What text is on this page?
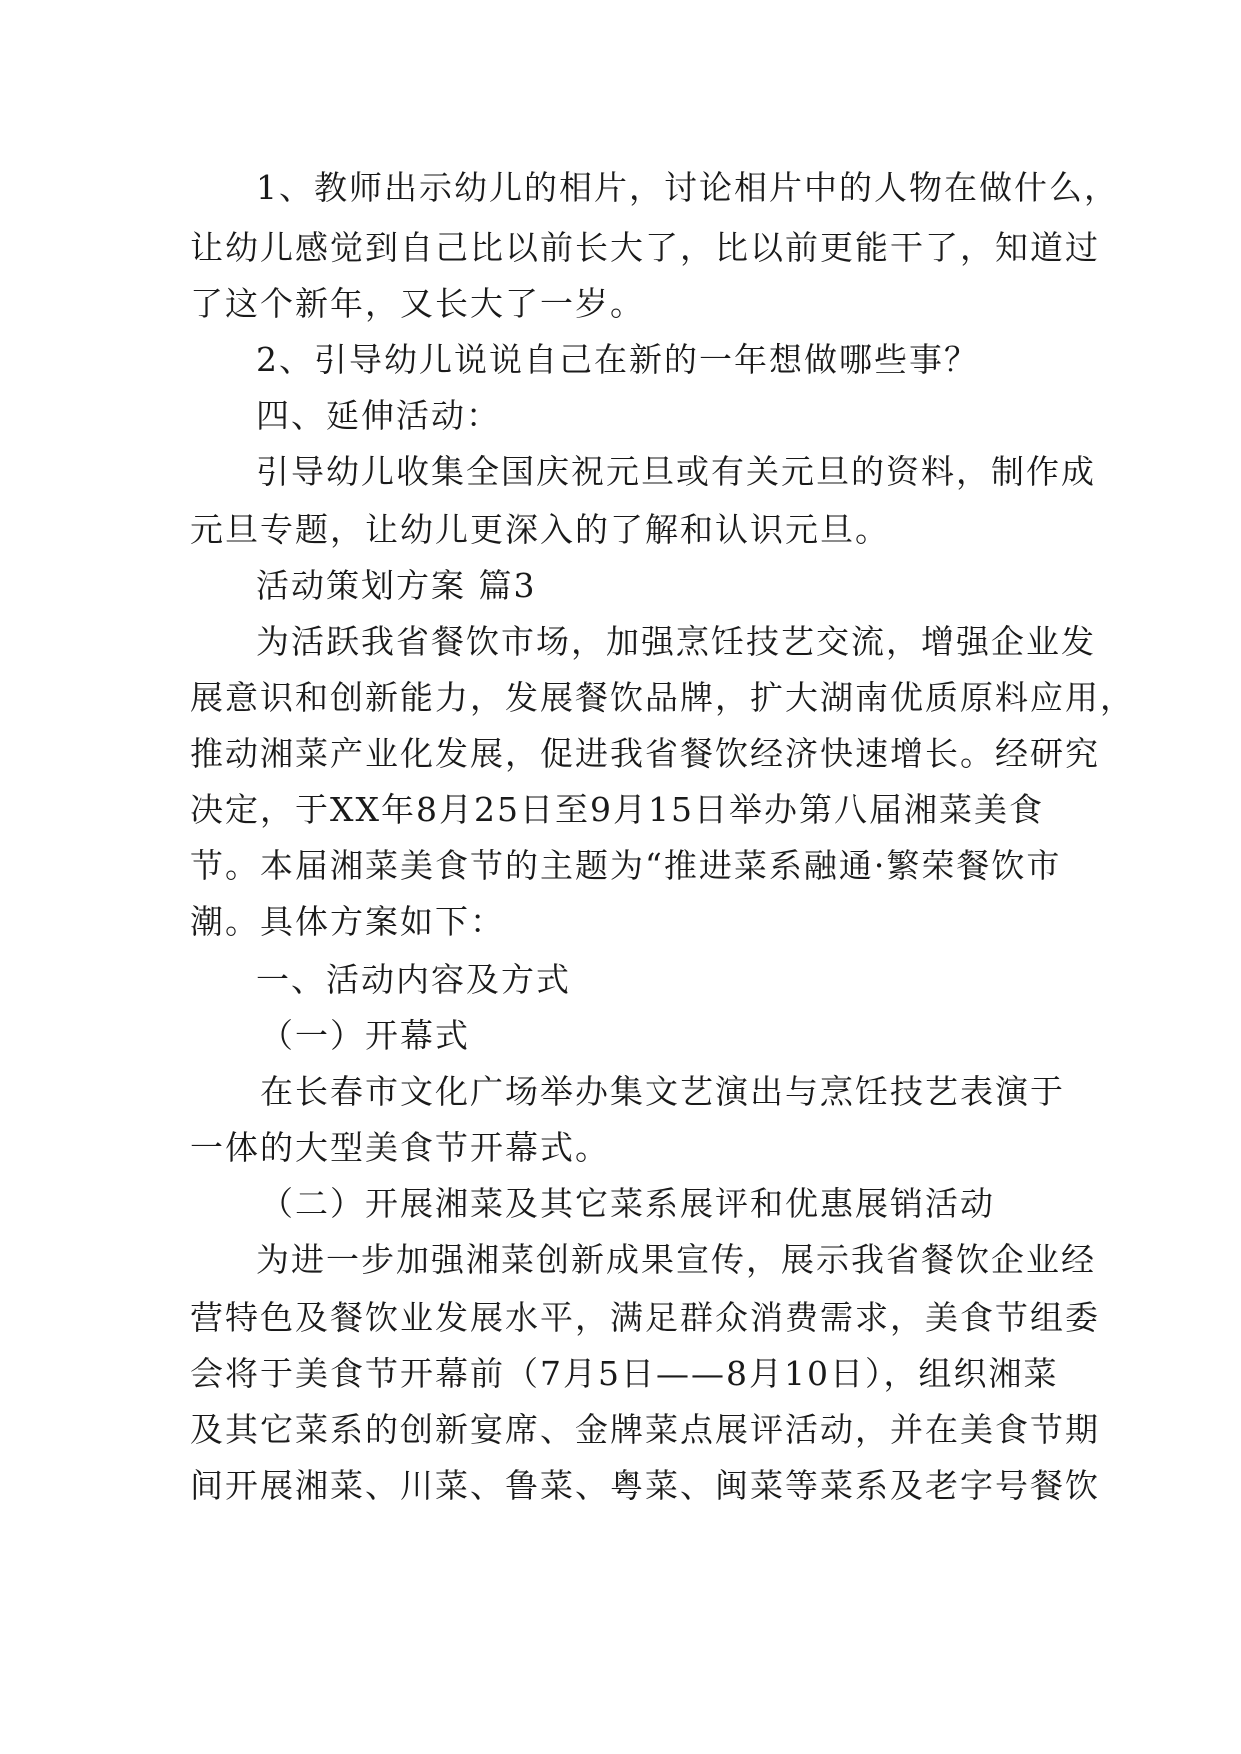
1、教师出示幼儿的相片，讨论相片中的人物在做什么，
让幼儿感觉到自己比以前长大了，比以前更能干了，知道过
了这个新年，又长大了一岁。
2、引导幼儿说说自己在新的一年想做哪些事？
四、延伸活动：
引导幼儿收集全国庆祝元旦或有关元旦的资料，制作成
元旦专题，让幼儿更深入的了解和认识元旦。
活动策划方案 篇3
为活跃我省餐饮市场，加强烹饪技艺交流，增强企业发
展意识和创新能力，发展餐饮品牌，扩大湖南优质原料应用，
推动湘菜产业化发展，促进我省餐饮经济快速增长。经研究
决定，于XX年8月25日至9月15日举办第八届湘菜美食
节。本届湘菜美食节的主题为“推进菜系融通·繁荣餐饮市
潮。具体方案如下：
一、活动内容及方式
（一）开幕式
在长春市文化广场举办集文艺演出与烹饪技艺表演于
一体的大型美食节开幕式。
（二）开展湘菜及其它菜系展评和优惠展销活动
为进一步加强湘菜创新成果宣传，展示我省餐饮企业经
营特色及餐饮业发展水平，满足群众消费需求，美食节组委
会将于美食节开幕前（7月5日——8月10日），组织湘菜
及其它菜系的创新宴席、金牌菜点展评活动，并在美食节期
间开展湘菜、川菜、鲁菜、粤菜、闽菜等菜系及老字号餐饮
